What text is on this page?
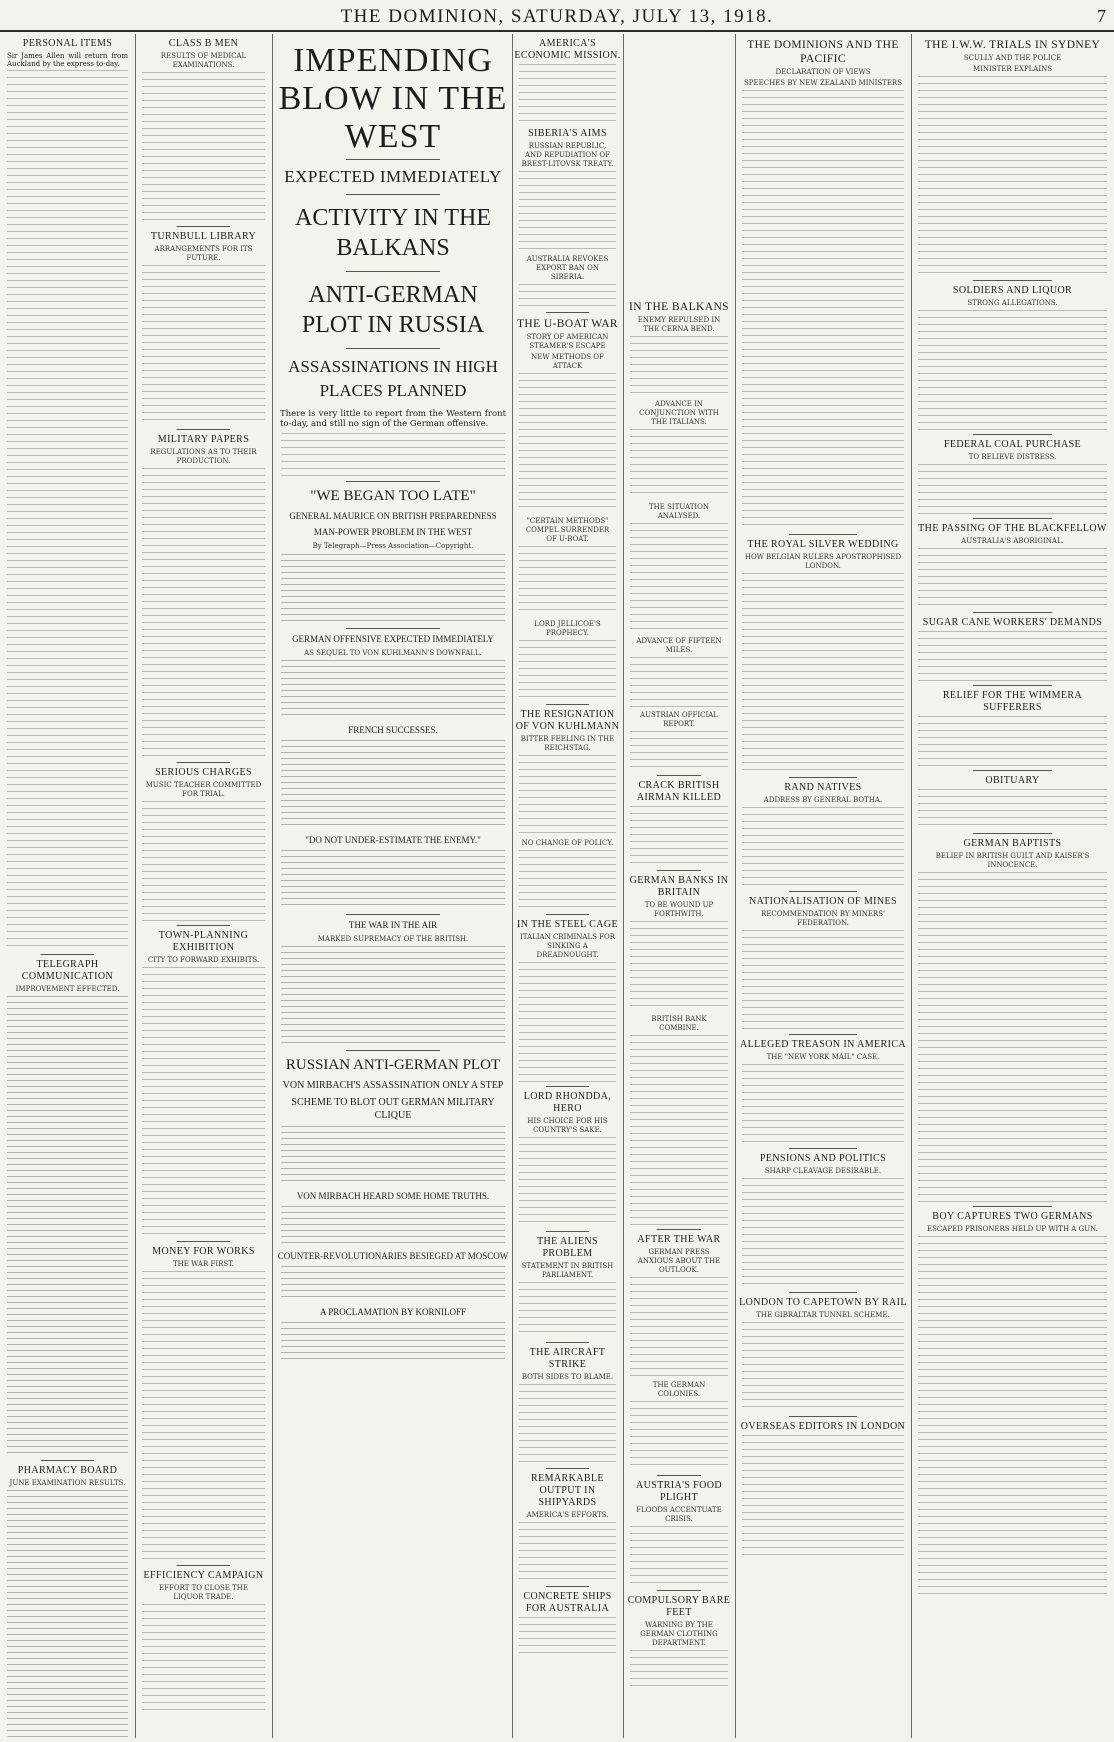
THE DOMINION, SATURDAY, JULY 13, 1918.	7
PERSONAL ITEMS
Sir James Allen will return from Auckland by the express to-day.
TELEGRAPH COMMUNICATION
IMPROVEMENT EFFECTED.
PHARMACY BOARD
JUNE EXAMINATION RESULTS.
CLASS B MEN
RESULTS OF MEDICAL EXAMINATIONS.
TURNBULL LIBRARY
ARRANGEMENTS FOR ITS FUTURE.
MILITARY PAPERS
REGULATIONS AS TO THEIR PRODUCTION.
SERIOUS CHARGES
MUSIC TEACHER COMMITTED FOR TRIAL.
TOWN-PLANNING EXHIBITION
CITY TO FORWARD EXHIBITS.
MONEY FOR WORKS
THE WAR FIRST.
EFFICIENCY CAMPAIGN
EFFORT TO CLOSE THE LIQUOR TRADE.
IMPENDING BLOW IN THE WEST
EXPECTED IMMEDIATELY
ACTIVITY IN THE BALKANS
ANTI-GERMAN PLOT IN RUSSIA
ASSASSINATIONS IN HIGH PLACES PLANNED
There is very little to report from the Western front to-day, and still no sign of the German offensive.
"WE BEGAN TOO LATE"
GENERAL MAURICE ON BRITISH PREPAREDNESS
MAN-POWER PROBLEM IN THE WEST
By Telegraph—Press Association—Copyright.
GERMAN OFFENSIVE EXPECTED IMMEDIATELY
AS SEQUEL TO VON KUHLMANN'S DOWNFALL.
FRENCH SUCCESSES.
"DO NOT UNDER-ESTIMATE THE ENEMY."
THE WAR IN THE AIR
MARKED SUPREMACY OF THE BRITISH.
RUSSIAN ANTI-GERMAN PLOT
VON MIRBACH'S ASSASSINATION ONLY A STEP
SCHEME TO BLOT OUT GERMAN MILITARY CLIQUE
VON MIRBACH HEARD SOME HOME TRUTHS.
COUNTER-REVOLUTIONARIES BESIEGED AT MOSCOW
A PROCLAMATION BY KORNILOFF
AMERICA'S ECONOMIC MISSION.
SIBERIA'S AIMS
RUSSIAN REPUBLIC, AND REPUDIATION OF BREST-LITOVSK TREATY.
AUSTRALIA REVOKES EXPORT BAN ON SIBERIA.
THE U-BOAT WAR
STORY OF AMERICAN STEAMER'S ESCAPE
NEW METHODS OF ATTACK
"CERTAIN METHODS" COMPEL SURRENDER OF U-BOAT.
LORD JELLICOE'S PROPHECY.
THE RESIGNATION OF VON KUHLMANN
BITTER FEELING IN THE REICHSTAG.
NO CHANGE OF POLICY.
IN THE STEEL CAGE
ITALIAN CRIMINALS FOR SINKING A DREADNOUGHT.
LORD RHONDDA, HERO
HIS CHOICE FOR HIS COUNTRY'S SAKE.
THE ALIENS PROBLEM
STATEMENT IN BRITISH PARLIAMENT.
THE AIRCRAFT STRIKE
BOTH SIDES TO BLAME.
REMARKABLE OUTPUT IN SHIPYARDS
AMERICA'S EFFORTS.
CONCRETE SHIPS FOR AUSTRALIA
IN THE BALKANS
ENEMY REPULSED IN THE CERNA BEND.
ADVANCE IN CONJUNCTION WITH THE ITALIANS.
THE SITUATION ANALYSED.
ADVANCE OF FIFTEEN MILES.
AUSTRIAN OFFICIAL REPORT.
CRACK BRITISH AIRMAN KILLED
GERMAN BANKS IN BRITAIN
TO BE WOUND UP FORTHWITH.
BRITISH BANK COMBINE.
AFTER THE WAR
GERMAN PRESS ANXIOUS ABOUT THE OUTLOOK.
THE GERMAN COLONIES.
AUSTRIA'S FOOD PLIGHT
FLOODS ACCENTUATE CRISIS.
COMPULSORY BARE FEET
WARNING BY THE GERMAN CLOTHING DEPARTMENT.
THE DOMINIONS AND THE PACIFIC
DECLARATION OF VIEWS
SPEECHES BY NEW ZEALAND MINISTERS
THE ROYAL SILVER WEDDING
HOW BELGIAN RULERS APOSTROPHISED LONDON.
RAND NATIVES
ADDRESS BY GENERAL BOTHA.
NATIONALISATION OF MINES
RECOMMENDATION BY MINERS' FEDERATION.
ALLEGED TREASON IN AMERICA
THE "NEW YORK MAIL" CASE.
PENSIONS AND POLITICS
SHARP CLEAVAGE DESIRABLE.
LONDON TO CAPETOWN BY RAIL
THE GIBRALTAR TUNNEL SCHEME.
OVERSEAS EDITORS IN LONDON
THE I.W.W. TRIALS IN SYDNEY
SCULLY AND THE POLICE
MINISTER EXPLAINS
SOLDIERS AND LIQUOR
STRONG ALLEGATIONS.
FEDERAL COAL PURCHASE
TO RELIEVE DISTRESS.
THE PASSING OF THE BLACKFELLOW
AUSTRALIA'S ABORIGINAL.
SUGAR CANE WORKERS' DEMANDS
RELIEF FOR THE WIMMERA SUFFERERS
OBITUARY
GERMAN BAPTISTS
BELIEF IN BRITISH GUILT AND KAISER'S INNOCENCE.
BOY CAPTURES TWO GERMANS
ESCAPED PRISONERS HELD UP WITH A GUN.
